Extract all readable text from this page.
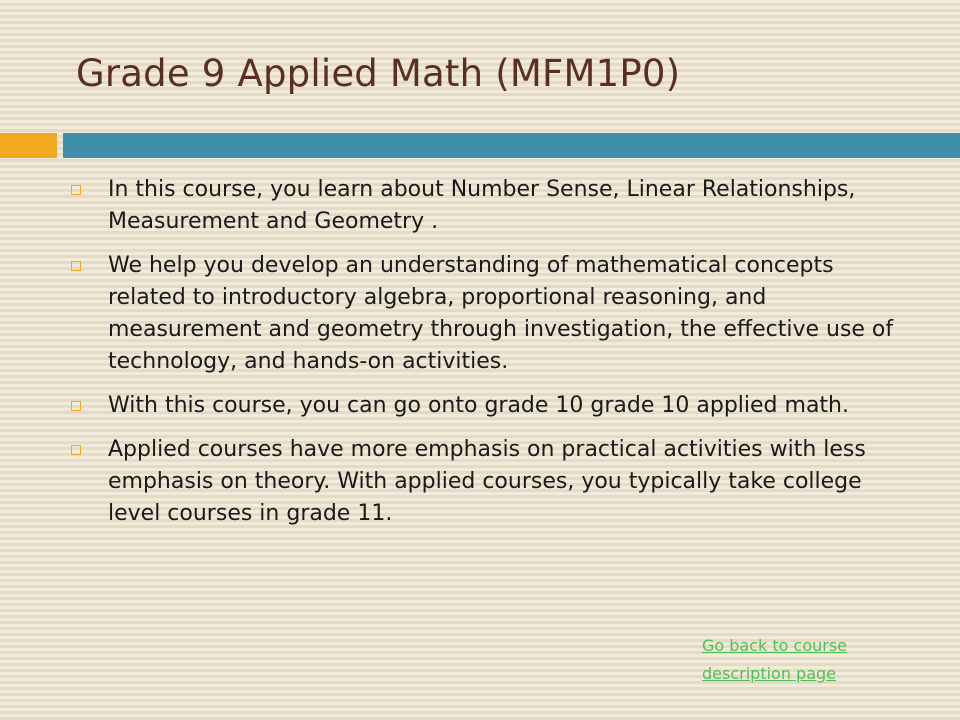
Grade 9 Applied Math (MFM1P0)
In this course, you learn about Number Sense, Linear Relationships, Measurement and Geometry .
We help you develop an understanding of mathematical concepts related to introductory algebra, proportional reasoning, and measurement and geometry through investigation, the effective use of technology, and hands-on activities.
With this course, you can go onto grade 10 grade 10 applied math.
Applied courses have more emphasis on practical activities with less emphasis on theory. With applied courses, you typically take college level courses in grade 11.
Go back to course
description page
